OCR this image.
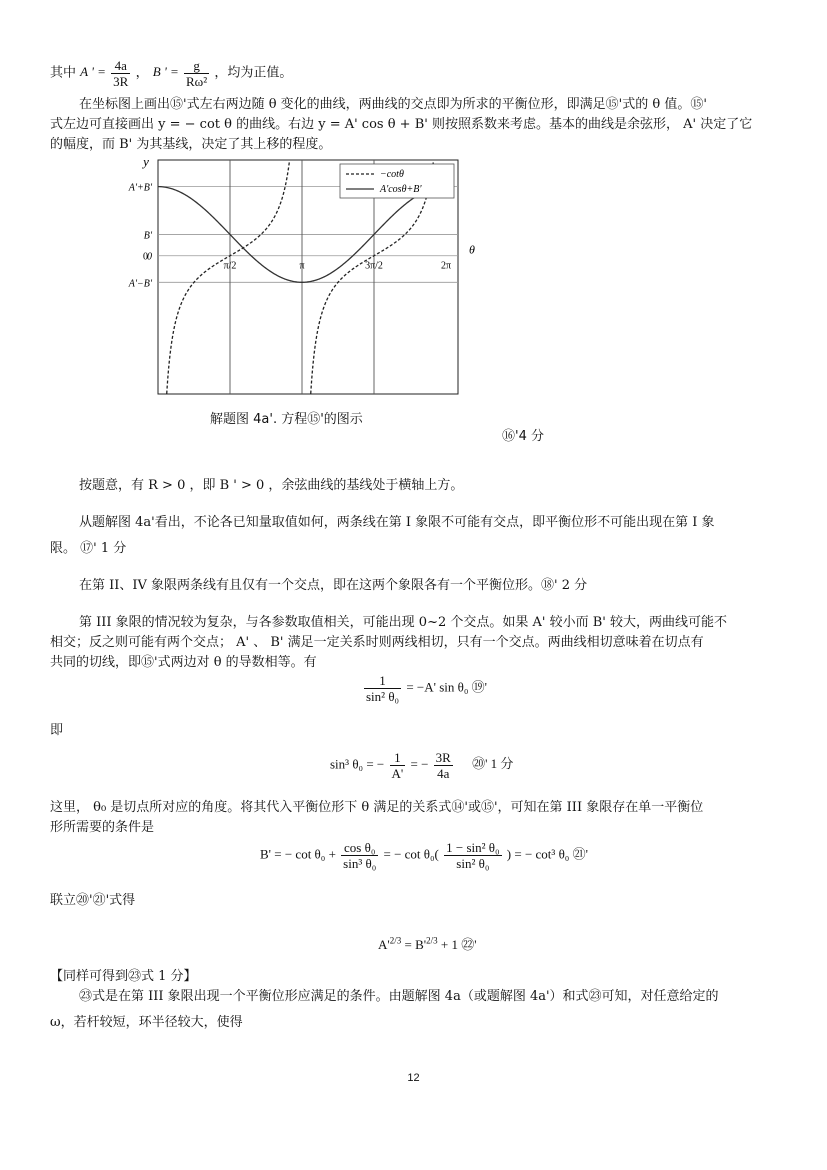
其中 A ' = $\frac{4a}{3R}$ ， B ' = $\frac{g}{\text{Rω²}}$ ，均为正值。
在坐标图上画出⑮'式左右两边随 θ 变化的曲线，两曲线的交点即为所求的平衡位形，即满足⑮'式的 θ 值。⑮'
式左边可直接画出 y = − cot θ 的曲线。右边 y = A' cos θ + B' 则按照系数来考虑。基本的曲线是余弦形， A' 决定了它
的幅度，而 B' 为其基线，决定了其上移的程度。
A'+B'
B'
0
A'−B'
0
π/2	π	3π/2	2π
y
θ
−cotθ
A'cosθ+B'
解题图 4a'. 方程⑮'的图示
⑯'4 分
按题意，有 R > 0 ，即 B ' > 0 ，余弦曲线的基线处于横轴上方。
从题解图 4a'看出，不论各已知量取值如何，两条线在第 I 象限不可能有交点，即平衡位形不可能出现在第 I 象
限。 ⑰' 1 分
在第 II、IV 象限两条线有且仅有一个交点，即在这两个象限各有一个平衡位形。⑱' 2 分
第 III 象限的情况较为复杂，与各参数取值相关，可能出现 0~2 个交点。如果 A' 较小而 B' 较大，两曲线可能不
相交；反之则可能有两个交点； A' 、 B' 满足一定关系时则两线相切，只有一个交点。两曲线相切意味着在切点有
共同的切线，即⑮'式两边对 θ 的导数相等。有
$\frac{1}{\text{sin² θ₀}} = -A'$ sin θ₀ ⑲'
即
sin³ θ₀ = − $\frac{1}{A'}$ = − $\frac{3R}{4a}$ ⑳' 1 分
这里， θ₀ 是切点所对应的角度。将其代入平衡位形下 θ 满足的关系式⑭'或⑮'，可知在第 III 象限存在单一平衡位
形所需要的条件是
B' = − $\cot \theta_0 + \frac{\text{cos θ₀}}{\text{sin³ θ₀}}$ = − $\cot \theta_0( \frac{\text{1 − sin² θ₀}}{\text{sin² θ₀}}$ ) = − cot³ θ₀ ㉑'
联立⑳'㉑'式得
$A'^{2/3} = B'^{2/3} + 1$ ㉒'
【同样可得到㉓式 1 分】
㉓式是在第 III 象限出现一个平衡位形应满足的条件。由题解图 4a（或题解图 4a'）和式㉓可知，对任意给定的
ω，若杆较短，环半径较大，使得
12
